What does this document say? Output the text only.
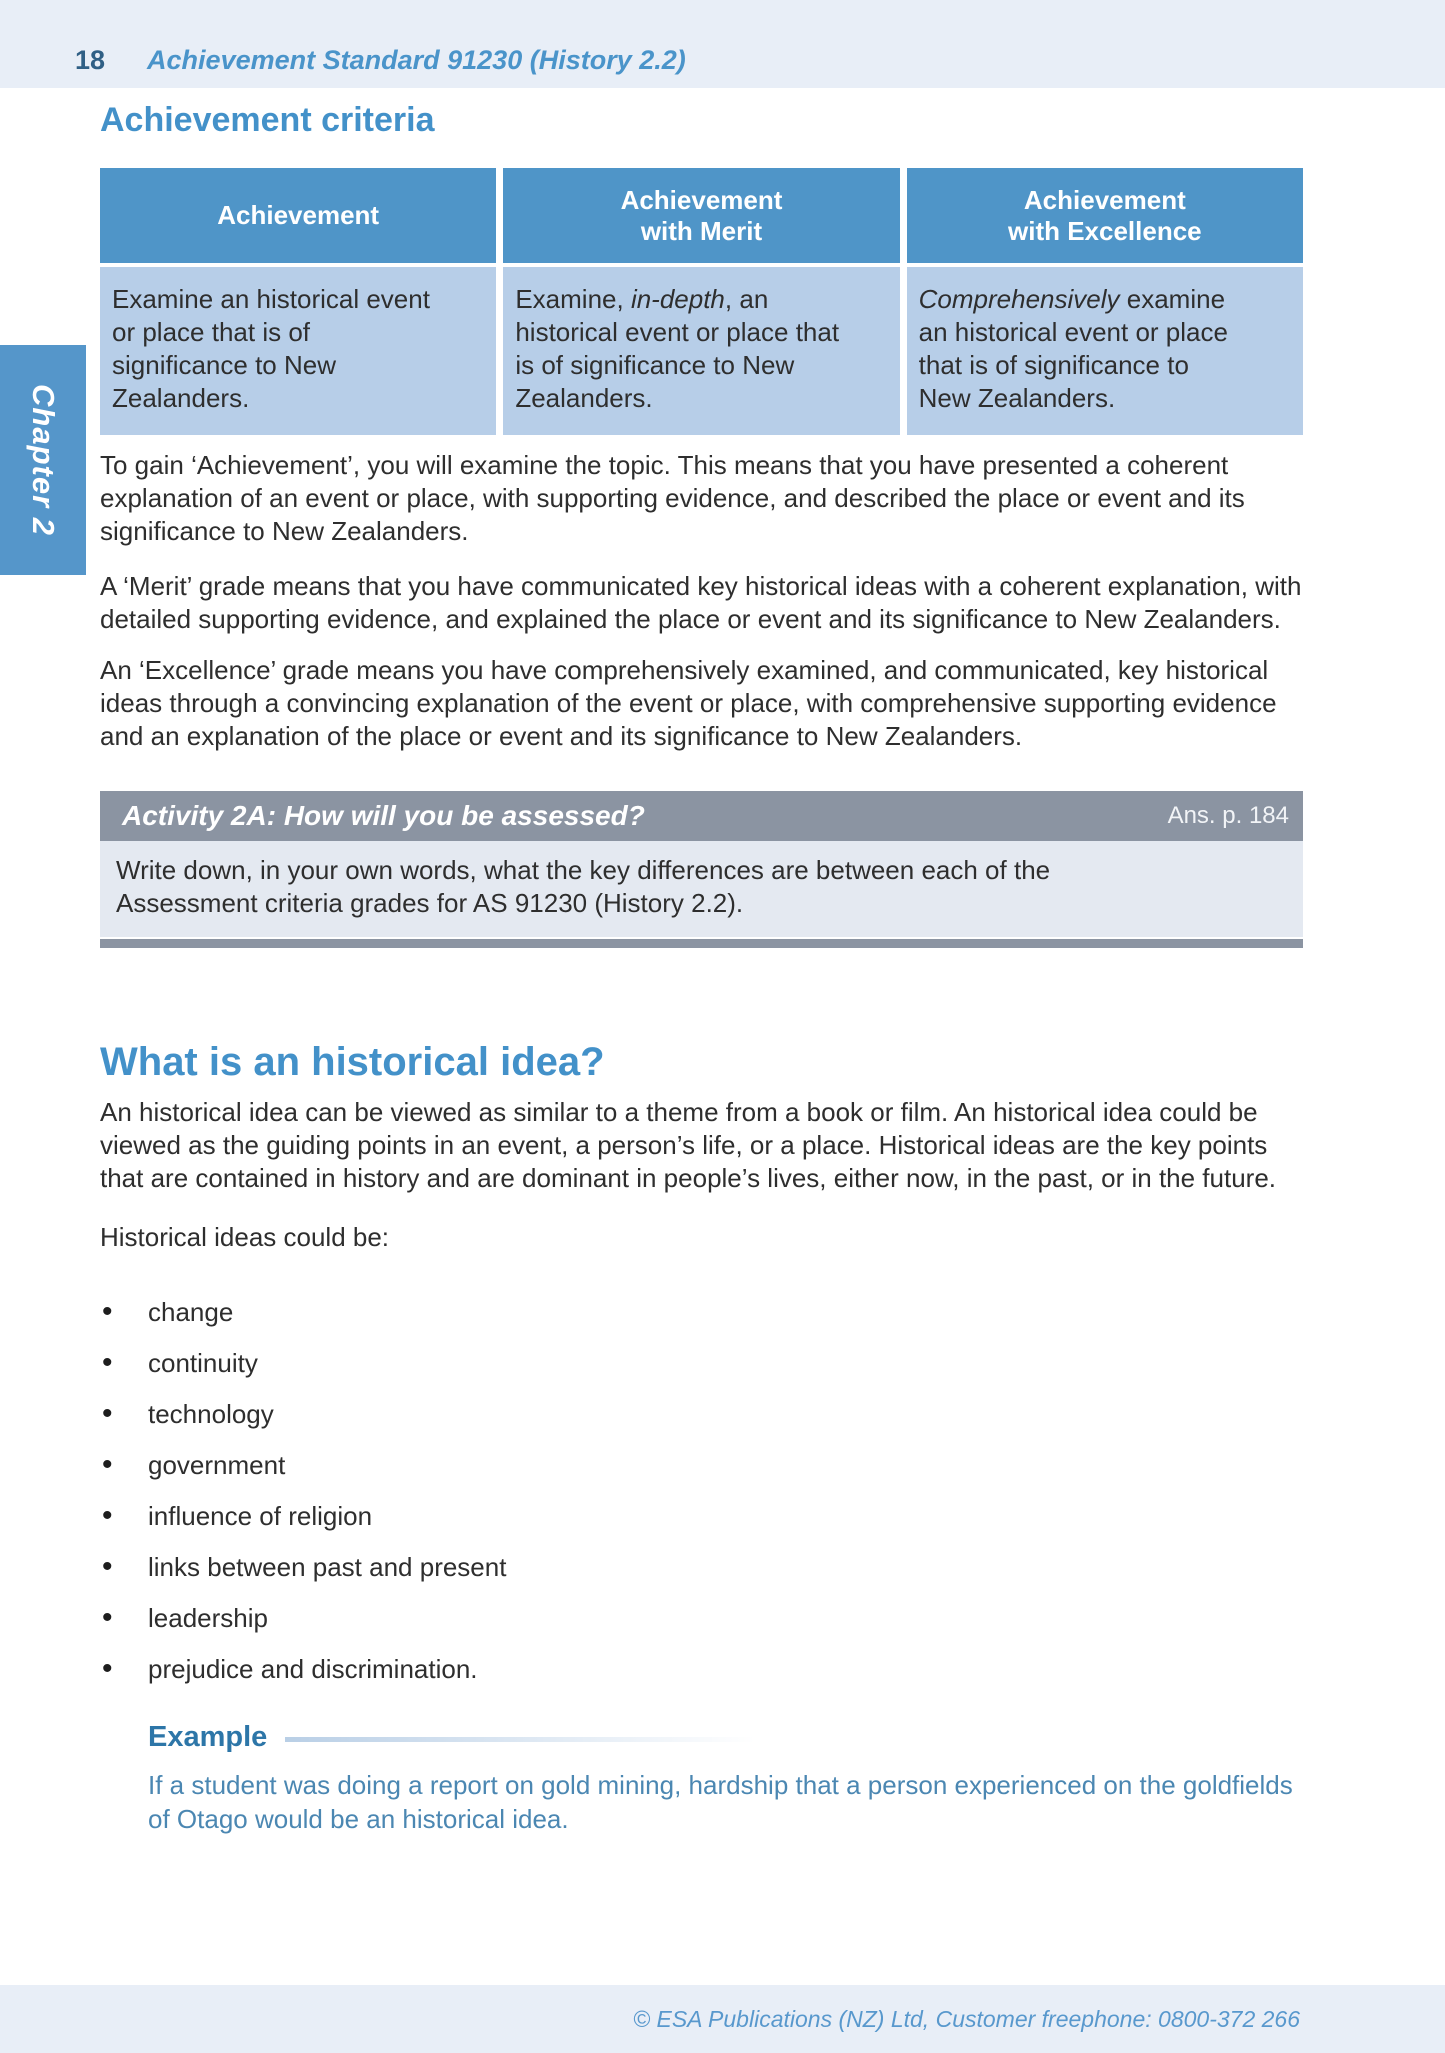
18 Achievement Standard 91230 (History 2.2)
Chapter 2
Achievement criteria
Achievement
Achievement
with Merit
Achievement
with Excellence
Examine an historical event or place that is of significance to New Zealanders.
Examine, in-depth, an historical event or place that is of significance to New Zealanders.
Comprehensively examine an historical event or place that is of significance to New Zealanders.

To gain ‘Achievement’, you will examine the topic. This means that you have presented a coherent explanation of an event or place, with supporting evidence, and described the place or event and its significance to New Zealanders.

A ‘Merit’ grade means that you have communicated key historical ideas with a coherent explanation, with detailed supporting evidence, and explained the place or event and its significance to New Zealanders.

An ‘Excellence’ grade means you have comprehensively examined, and communicated, key historical ideas through a convincing explanation of the event or place, with comprehensive supporting evidence and an explanation of the place or event and its significance to New Zealanders.

Activity 2A: How will you be assessed?	Ans. p. 184

Write down, in your own words, what the key differences are between each of the Assessment criteria grades for AS 91230 (History 2.2).

What is an historical idea?

An historical idea can be viewed as similar to a theme from a book or film. An historical idea could be viewed as the guiding points in an event, a person’s life, or a place. Historical ideas are the key points that are contained in history and are dominant in people’s lives, either now, in the past, or in the future.

Historical ideas could be:

• change
• continuity
• technology
• government
• influence of religion
• links between past and present
• leadership
• prejudice and discrimination.
Example

If a student was doing a report on gold mining, hardship that a person experienced on the goldfields of Otago would be an historical idea.

© ESA Publications (NZ) Ltd, Customer freephone: 0800-372 266
